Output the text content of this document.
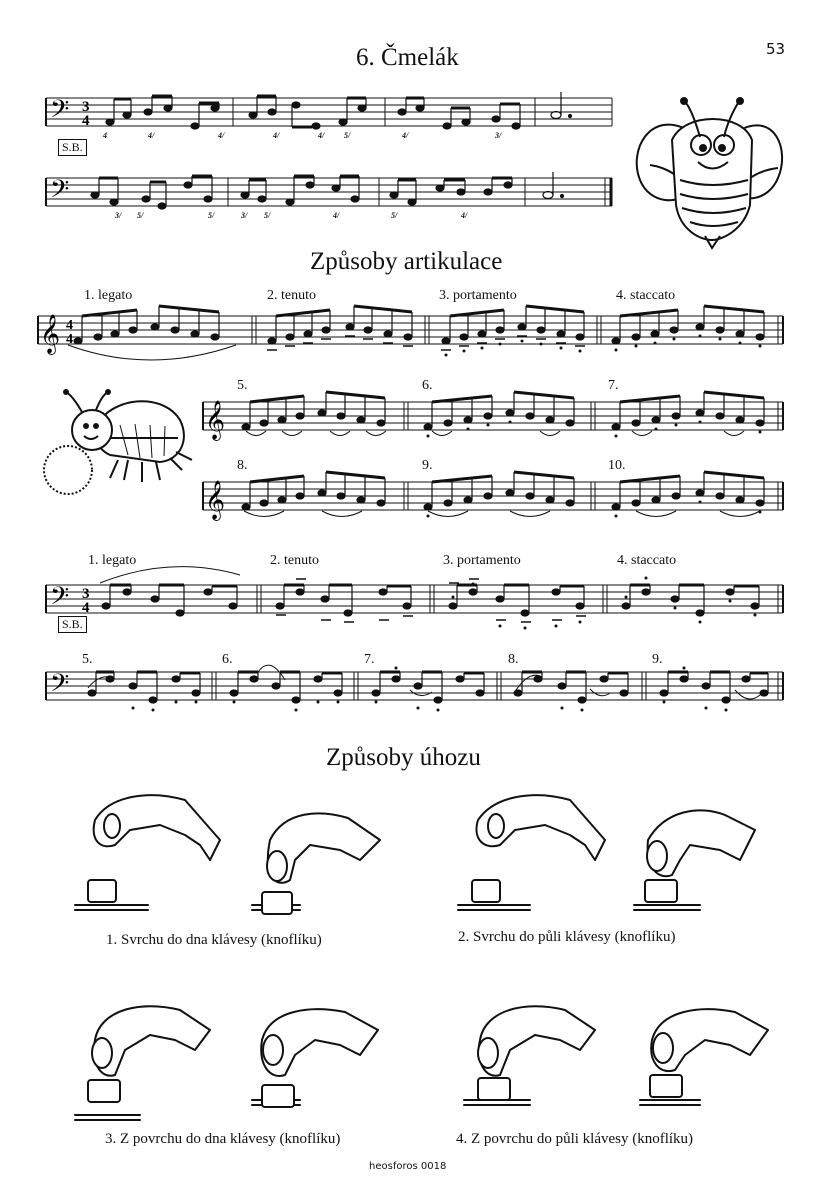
53
6. Čmelák
𝄢 3
4
S.B.
4	4/	4/	4/	4/ 5/	4/	3/
𝄢
3/ 5/	5/	3/ 5/	4/	5/	4/
Způsoby artikulace
1. legato	2. tenuto	3. portamento	4. staccato
𝄞 4
4
5.	6.	7.
𝄞
8.	9.	10.
𝄞
1. legato	2. tenuto	3. portamento	4. staccato
𝄢 3
4
S.B.
5.	6.	7.	8.	9.
𝄢
Způsoby úhozu
1. Svrchu do dna klávesy (knoflíku)	2. Svrchu do půli klávesy (knoflíku)
3. Z povrchu do dna klávesy (knoflíku)	4. Z povrchu do půli klávesy (knoflíku)
heosforos 0018
